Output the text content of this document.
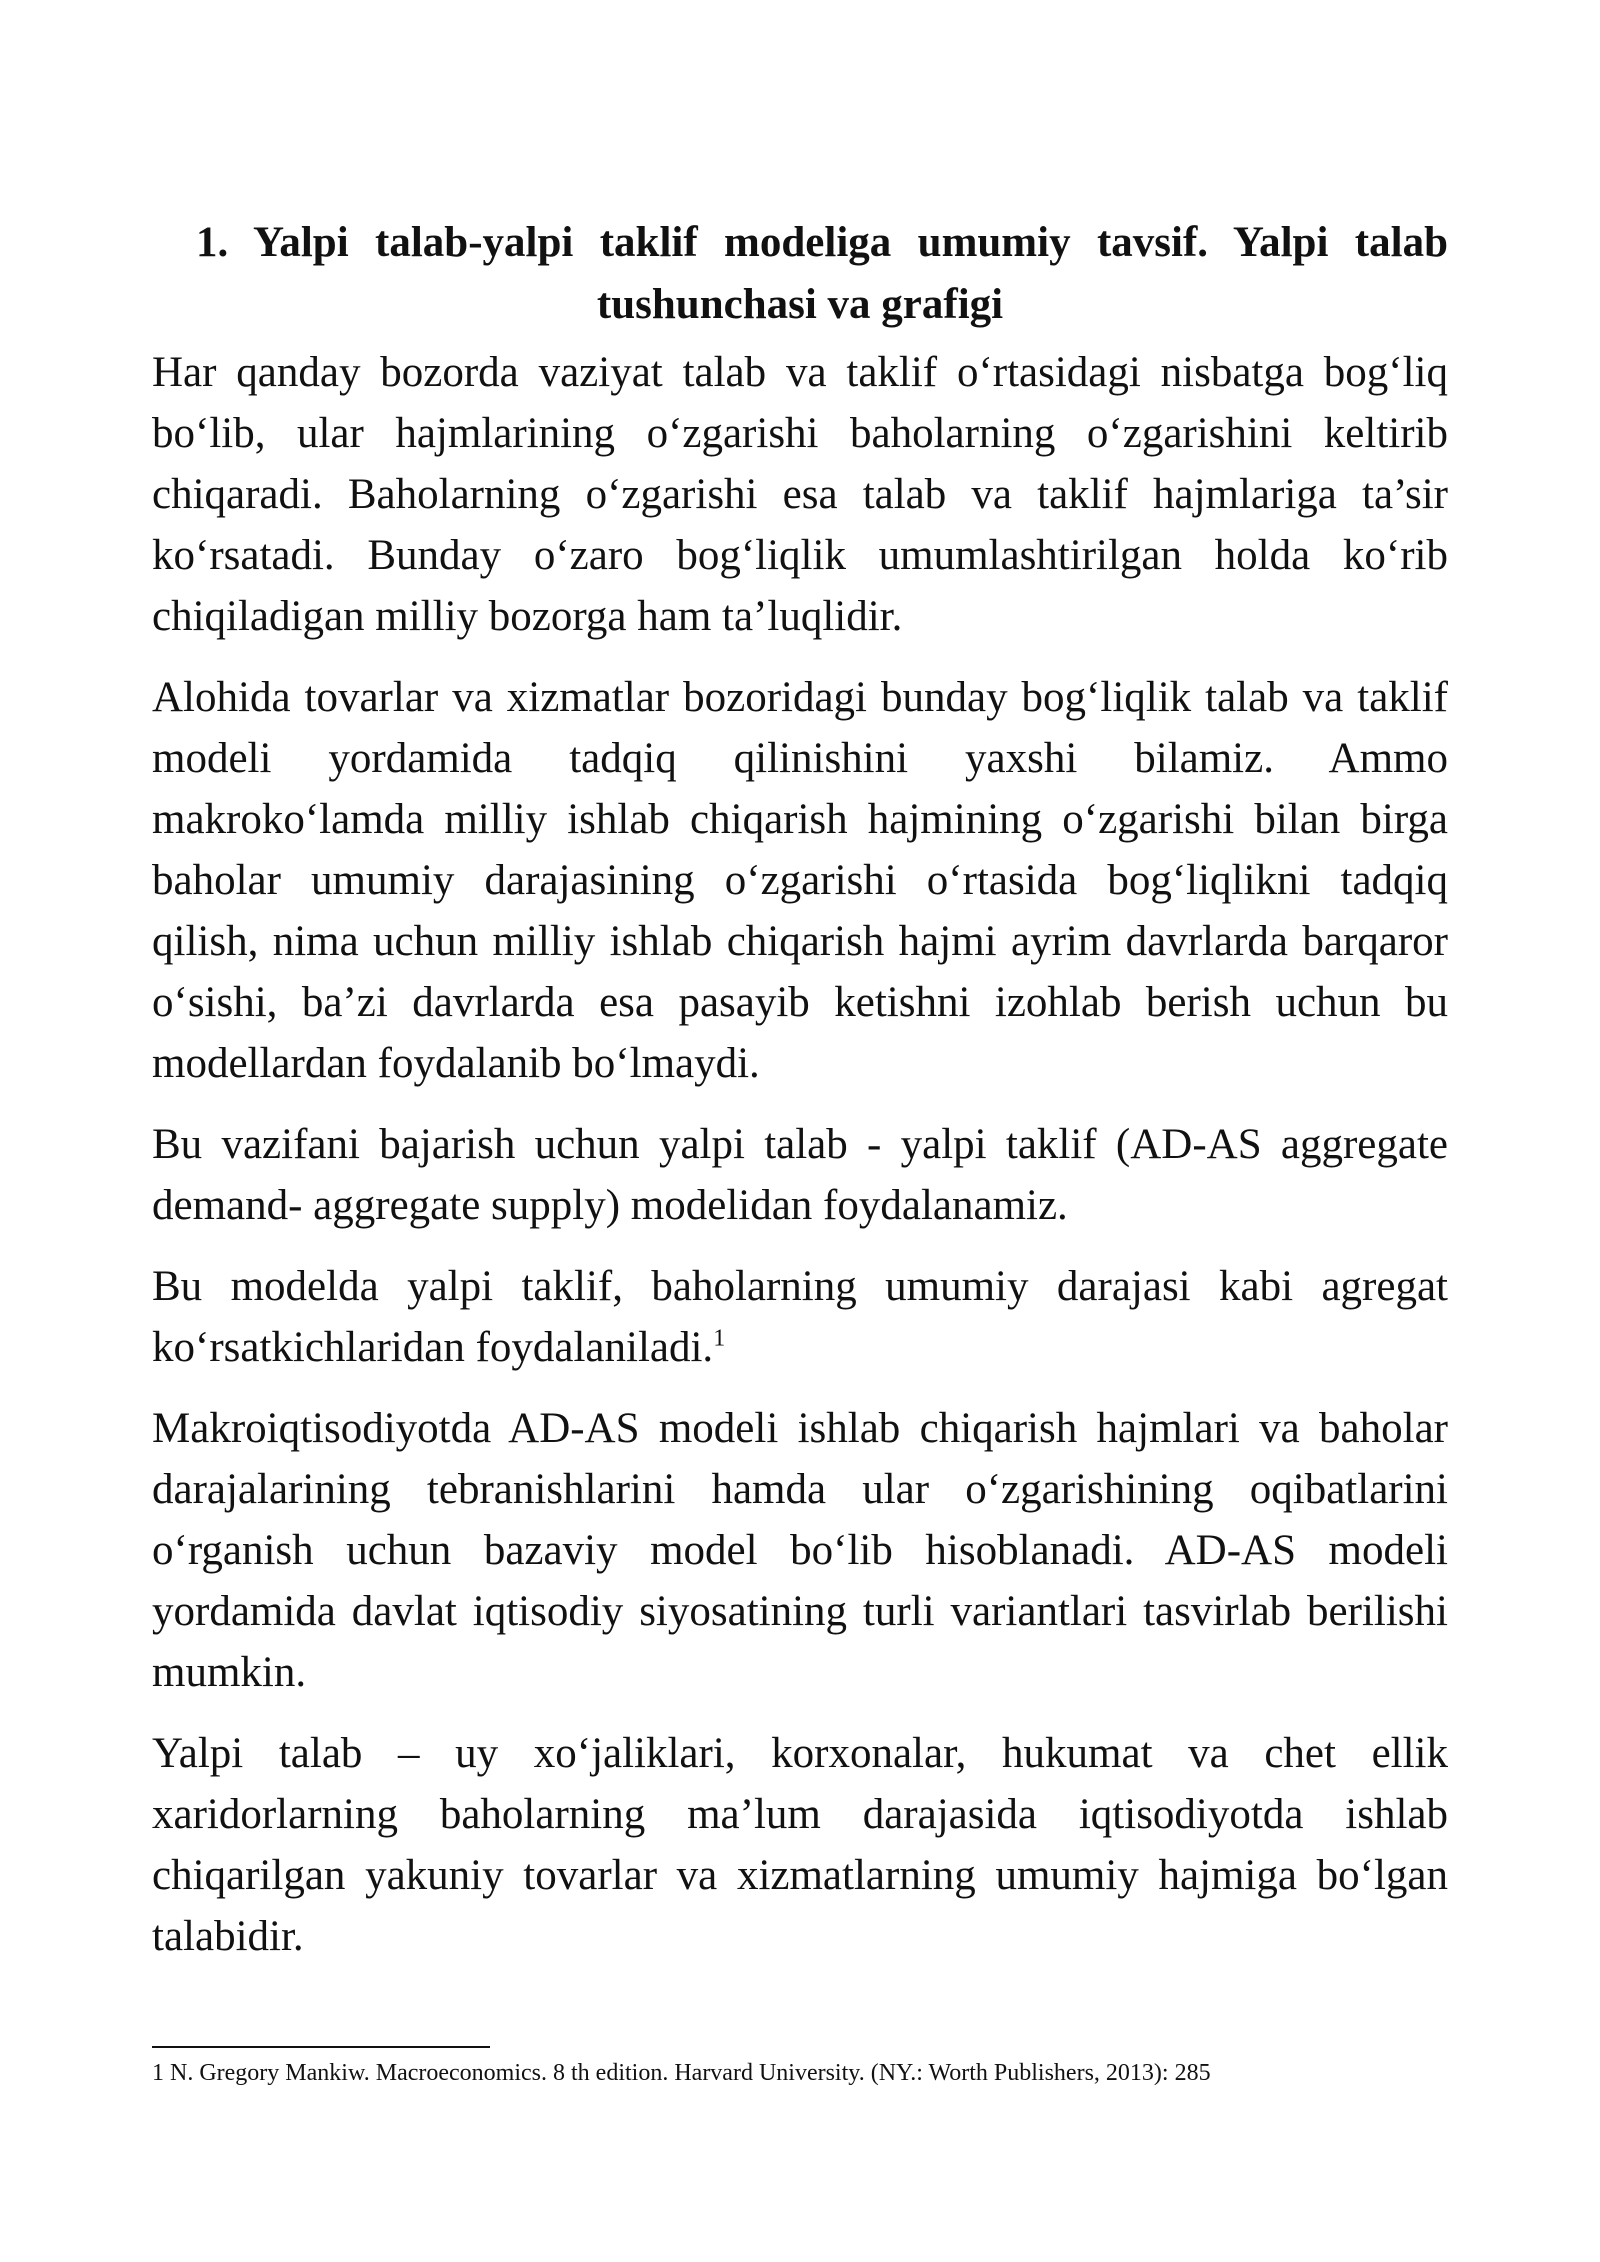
1. Yalpi talab-yalpi taklif modeliga umumiy tavsif. Yalpi talab tushunchasi va grafigi

Har qanday bozorda vaziyat talab va taklif o‘rtasidagi nisbatga bog‘liq bo‘lib, ular hajmlarining o‘zgarishi baholarning o‘zgarishini keltirib chiqaradi. Baholarning o‘zgarishi esa talab va taklif hajmlariga ta’sir ko‘rsatadi. Bunday o‘zaro bog‘liqlik umumlashtirilgan holda ko‘rib chiqiladigan milliy bozorga ham ta’luqlidir.

Alohida tovarlar va xizmatlar bozoridagi bunday bog‘liqlik talab va taklif modeli yordamida tadqiq qilinishini yaxshi bilamiz. Ammo makroko‘lamda milliy ishlab chiqarish hajmining o‘zgarishi bilan birga baholar umumiy darajasining o‘zgarishi o‘rtasida bog‘liqlikni tadqiq qilish, nima uchun milliy ishlab chiqarish hajmi ayrim davrlarda barqaror o‘sishi, ba’zi davrlarda esa pasayib ketishni izohlab berish uchun bu modellardan foydalanib bo‘lmaydi.

Bu vazifani bajarish uchun yalpi talab - yalpi taklif (AD-AS aggregate demand- aggregate supply) modelidan foydalanamiz.

Bu modelda yalpi taklif, baholarning umumiy darajasi kabi agregat ko‘rsatkichlaridan foydalaniladi.$^1$

Makroiqtisodiyotda AD-AS modeli ishlab chiqarish hajmlari va baholar darajalarining tebranishlarini hamda ular o‘zgarishining oqibatlarini o‘rganish uchun bazaviy model bo‘lib hisoblanadi. AD-AS modeli yordamida davlat iqtisodiy siyosatining turli variantlari tasvirlab berilishi mumkin.

Yalpi talab – uy xo‘jaliklari, korxonalar, hukumat va chet ellik xaridorlarning baholarning ma’lum darajasida iqtisodiyotda ishlab chiqarilgan yakuniy tovarlar va xizmatlarning umumiy hajmiga bo‘lgan talabidir.

1 N. Gregory Mankiw. Macroeconomics. 8 th edition. Harvard University. (NY.: Worth Publishers, 2013): 285
